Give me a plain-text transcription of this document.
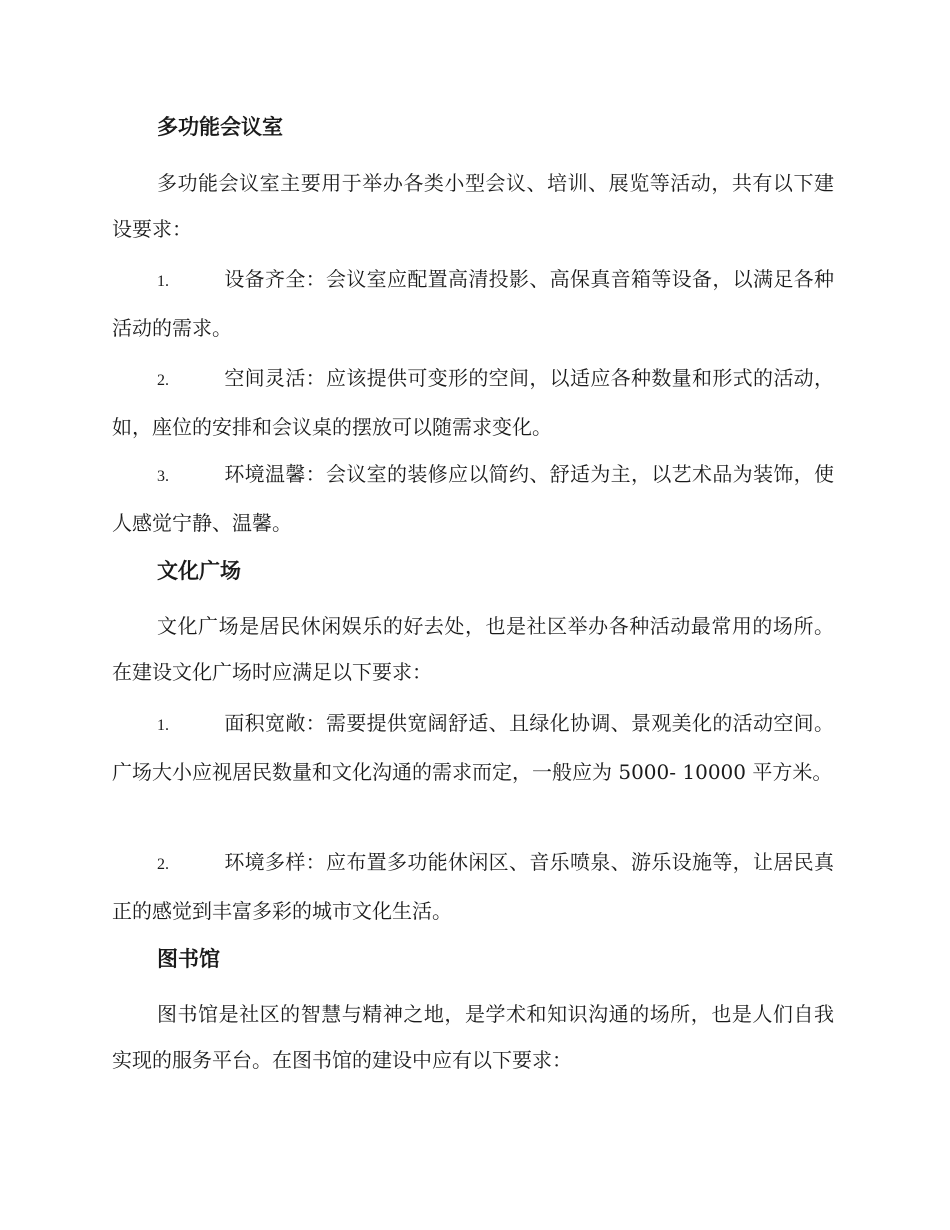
多功能会议室

多功能会议室主要用于举办各类小型会议、培训、展览等活动，共有以下建设要求：

1.	设备齐全：会议室应配置高清投影、高保真音箱等设备，以满足各种活动的需求。

2.	空间灵活：应该提供可变形的空间，以适应各种数量和形式的活动，如，座位的安排和会议桌的摆放可以随需求变化。

3.	环境温馨：会议室的装修应以简约、舒适为主，以艺术品为装饰，使人感觉宁静、温馨。

文化广场

文化广场是居民休闲娱乐的好去处，也是社区举办各种活动最常用的场所。在建设文化广场时应满足以下要求：

1.	面积宽敞：需要提供宽阔舒适、且绿化协调、景观美化的活动空间。广场大小应视居民数量和文化沟通的需求而定，一般应为 5000- 10000 平方米。

2.	环境多样：应布置多功能休闲区、音乐喷泉、游乐设施等，让居民真正的感觉到丰富多彩的城市文化生活。

图书馆

图书馆是社区的智慧与精神之地，是学术和知识沟通的场所，也是人们自我实现的服务平台。在图书馆的建设中应有以下要求：
